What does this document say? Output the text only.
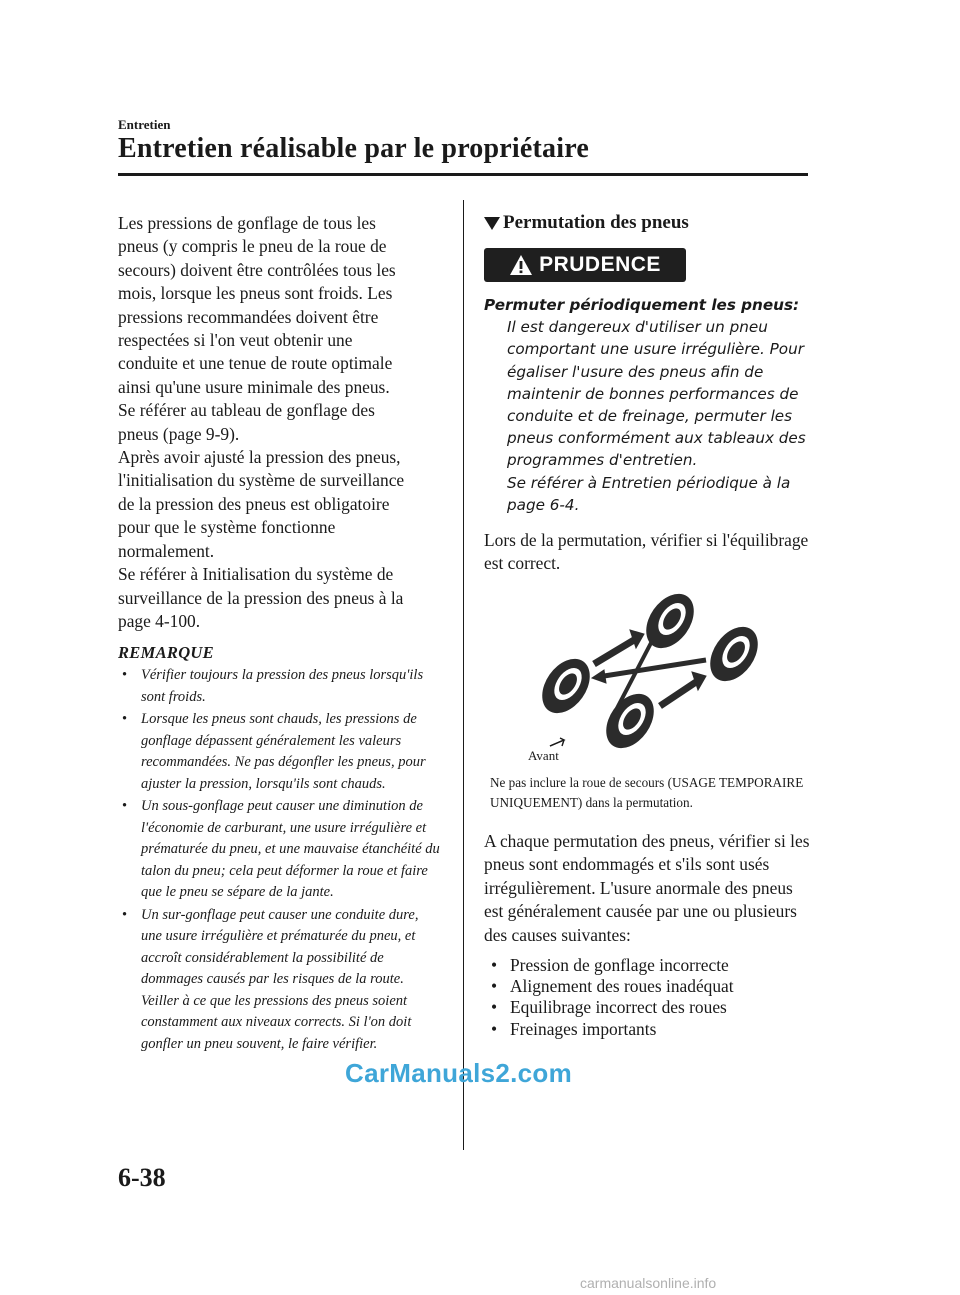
Entretien
Entretien réalisable par le propriétaire

Les pressions de gonflage de tous les
pneus (y compris le pneu de la roue de
secours) doivent être contrôlées tous les
mois, lorsque les pneus sont froids. Les
pressions recommandées doivent être
respectées si l'on veut obtenir une
conduite et une tenue de route optimale
ainsi qu'une usure minimale des pneus.
Se référer au tableau de gonflage des
pneus (page 9-9).
Après avoir ajusté la pression des pneus,
l'initialisation du système de surveillance
de la pression des pneus est obligatoire
pour que le système fonctionne
normalement.
Se référer à Initialisation du système de
surveillance de la pression des pneus à la
page 4-100.

REMARQUE
• Vérifier toujours la pression des pneus lorsqu'ils sont froids.
• Lorsque les pneus sont chauds, les pressions de gonflage dépassent généralement les valeurs recommandées. Ne pas dégonfler les pneus, pour ajuster la pression, lorsqu'ils sont chauds.
• Un sous-gonflage peut causer une diminution de l'économie de carburant, une usure irrégulière et prématurée du pneu, et une mauvaise étanchéité du talon du pneu; cela peut déformer la roue et faire que le pneu se sépare de la jante.
• Un sur-gonflage peut causer une conduite dure, une usure irrégulière et prématurée du pneu, et accroît considérablement la possibilité de dommages causés par les risques de la route. Veiller à ce que les pressions des pneus soient constamment aux niveaux corrects. Si l'on doit gonfler un pneu souvent, le faire vérifier.
Permutation des pneus
PRUDENCE

Permuter périodiquement les pneus:

Il est dangereux d'utiliser un pneu comportant une usure irrégulière. Pour égaliser l'usure des pneus afin de maintenir de bonnes performances de conduite et de freinage, permuter les pneus conformément aux tableaux des programmes d'entretien.

Se référer à Entretien périodique à la page 6-4.

Lors de la permutation, vérifier si l'équilibrage est correct.

Avant
Ne pas inclure la roue de secours (USAGE TEMPORAIRE UNIQUEMENT) dans la permutation.

A chaque permutation des pneus, vérifier si les pneus sont endommagés et s'ils sont usés irrégulièrement. L'usure anormale des pneus est généralement causée par une ou plusieurs des causes suivantes:

• Pression de gonflage incorrecte
• Alignement des roues inadéquat
• Equilibrage incorrect des roues
• Freinages importants
CarManuals2.com
6-38
carmanualsonline.info
